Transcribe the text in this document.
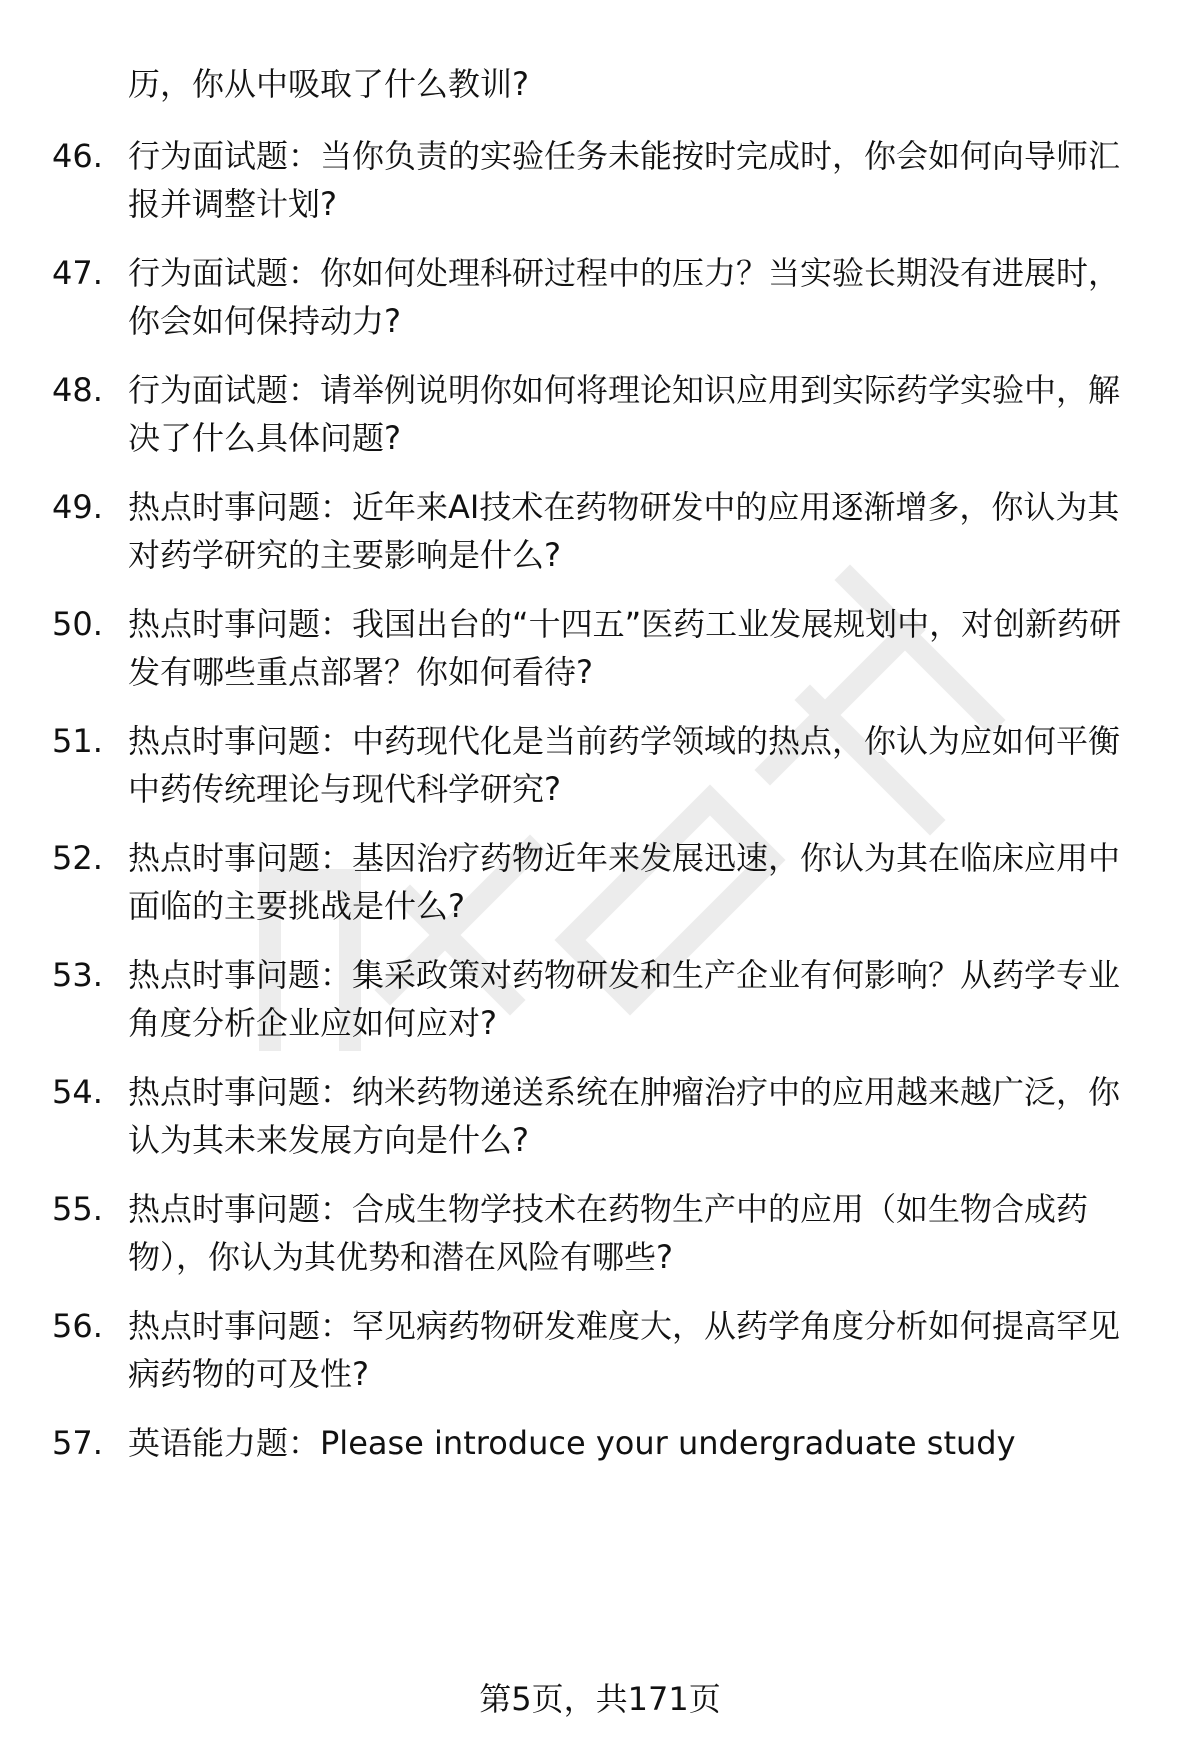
历，你从中吸取了什么教训?
46. 行为面试题：当你负责的实验任务未能按时完成时，你会如何向导师汇报并调整计划?
47. 行为面试题：你如何处理科研过程中的压力？当实验长期没有进展时，你会如何保持动力?
48. 行为面试题：请举例说明你如何将理论知识应用到实际药学实验中，解决了什么具体问题?
49. 热点时事问题：近年来AI技术在药物研发中的应用逐渐增多，你认为其对药学研究的主要影响是什么?
50. 热点时事问题：我国出台的“十四五”医药工业发展规划中，对创新药研发有哪些重点部署？你如何看待?
51. 热点时事问题：中药现代化是当前药学领域的热点，你认为应如何平衡中药传统理论与现代科学研究?
52. 热点时事问题：基因治疗药物近年来发展迅速，你认为其在临床应用中面临的主要挑战是什么?
53. 热点时事问题：集采政策对药物研发和生产企业有何影响？从药学专业角度分析企业应如何应对?
54. 热点时事问题：纳米药物递送系统在肿瘤治疗中的应用越来越广泛，你认为其未来发展方向是什么?
55. 热点时事问题：合成生物学技术在药物生产中的应用（如生物合成药物），你认为其优势和潜在风险有哪些?
56. 热点时事问题：罕见病药物研发难度大，从药学角度分析如何提高罕见病药物的可及性?
57. 英语能力题：Please introduce your undergraduate study
第5页，共171页
